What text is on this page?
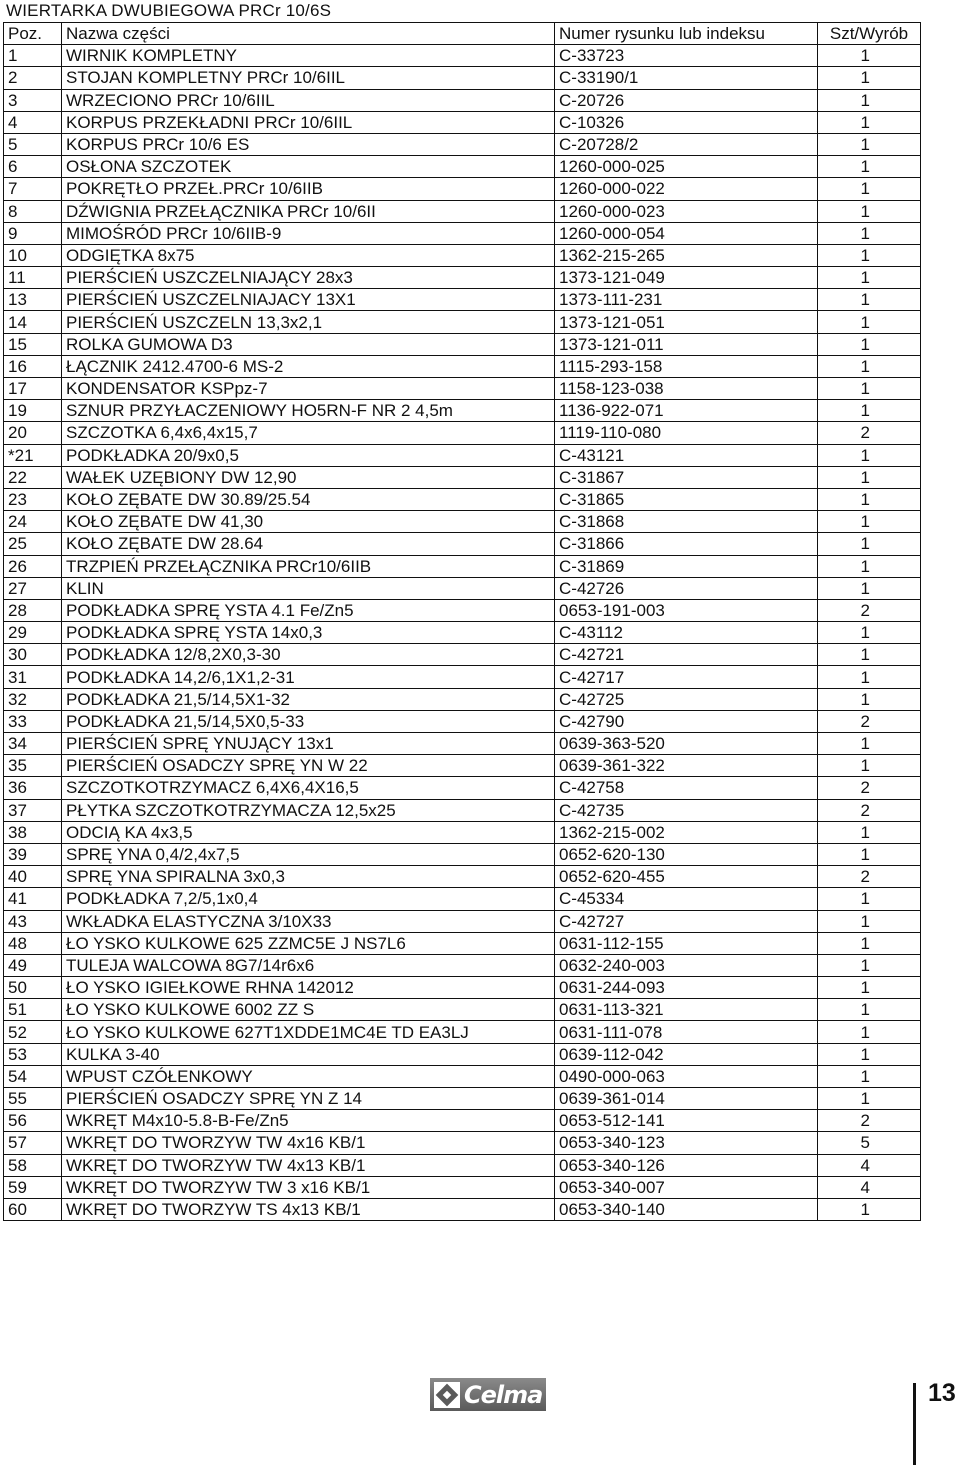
WIERTARKA DWUBIEGOWA PRCr 10/6S
Poz.	Nazwa części	Numer rysunku lub indeksu	Szt/Wyrób
1	WIRNIK KOMPLETNY	C-33723	1
2	STOJAN KOMPLETNY PRCr 10/6IIL	C-33190/1	1
3	WRZECIONO PRCr 10/6IIL	C-20726	1
4	KORPUS PRZEKŁADNI PRCr 10/6IIL	C-10326	1
5	KORPUS PRCr 10/6 ES	C-20728/2	1
6	OSŁONA SZCZOTEK	1260-000-025	1
7	POKRĘTŁO PRZEŁ.PRCr 10/6IIB	1260-000-022	1
8	DŹWIGNIA PRZEŁĄCZNIKA PRCr 10/6II	1260-000-023	1
9	MIMOŚRÓD PRCr 10/6IIB-9	1260-000-054	1
10	ODGIĘTKA 8x75	1362-215-265	1
11	PIERŚCIEŃ USZCZELNIAJĄCY 28x3	1373-121-049	1
13	PIERŚCIEŃ USZCZELNIAJACY 13X1	1373-111-231	1
14	PIERŚCIEŃ USZCZELN 13,3x2,1	1373-121-051	1
15	ROLKA GUMOWA D3	1373-121-011	1
16	ŁĄCZNIK 2412.4700-6 MS-2	1115-293-158	1
17	KONDENSATOR KSPpz-7	1158-123-038	1
19	SZNUR PRZYŁACZENIOWY HO5RN-F NR 2 4,5m	1136-922-071	1
20	SZCZOTKA 6,4x6,4x15,7	1119-110-080	2
*21	PODKŁADKA 20/9x0,5	C-43121	1
22	WAŁEK UZĘBIONY DW 12,90	C-31867	1
23	KOŁO ZĘBATE DW 30.89/25.54	C-31865	1
24	KOŁO ZĘBATE DW 41,30	C-31868	1
25	KOŁO ZĘBATE DW 28.64	C-31866	1
26	TRZPIEŃ PRZEŁĄCZNIKA PRCr10/6IIB	C-31869	1
27	KLIN	C-42726	1
28	PODKŁADKA SPRĘ YSTA 4.1 Fe/Zn5	0653-191-003	2
29	PODKŁADKA SPRĘ YSTA 14x0,3	C-43112	1
30	PODKŁADKA 12/8,2X0,3-30	C-42721	1
31	PODKŁADKA 14,2/6,1X1,2-31	C-42717	1
32	PODKŁADKA 21,5/14,5X1-32	C-42725	1
33	PODKŁADKA 21,5/14,5X0,5-33	C-42790	2
34	PIERŚCIEŃ SPRĘ YNUJĄCY 13x1	0639-363-520	1
35	PIERŚCIEŃ OSADCZY SPRĘ YN W 22	0639-361-322	1
36	SZCZOTKOTRZYMACZ 6,4X6,4X16,5	C-42758	2
37	PŁYTKA SZCZOTKOTRZYMACZA 12,5x25	C-42735	2
38	ODCIĄ KA 4x3,5	1362-215-002	1
39	SPRĘ YNA 0,4/2,4x7,5	0652-620-130	1
40	SPRĘ YNA SPIRALNA 3x0,3	0652-620-455	2
41	PODKŁADKA 7,2/5,1x0,4	C-45334	1
43	WKŁADKA ELASTYCZNA 3/10X33	C-42727	1
48	ŁO YSKO KULKOWE 625 ZZMC5E J NS7L6	0631-112-155	1
49	TULEJA WALCOWA 8G7/14r6x6	0632-240-003	1
50	ŁO YSKO IGIEŁKOWE RHNA 142012	0631-244-093	1
51	ŁO YSKO KULKOWE 6002 ZZ S	0631-113-321	1
52	ŁO YSKO KULKOWE 627T1XDDE1MC4E TD EA3LJ	0631-111-078	1
53	KULKA 3-40	0639-112-042	1
54	WPUST CZÓŁENKOWY	0490-000-063	1
55	PIERŚCIEŃ OSADCZY SPRĘ YN Z 14	0639-361-014	1
56	WKRĘT M4x10-5.8-B-Fe/Zn5	0653-512-141	2
57	WKRĘT DO TWORZYW TW 4x16 KB/1	0653-340-123	5
58	WKRĘT DO TWORZYW TW 4x13 KB/1	0653-340-126	4
59	WKRĘT DO TWORZYW TW 3 x16 KB/1	0653-340-007	4
60	WKRĘT DO TWORZYW TS 4x13 KB/1	0653-340-140	1
Celma	13
